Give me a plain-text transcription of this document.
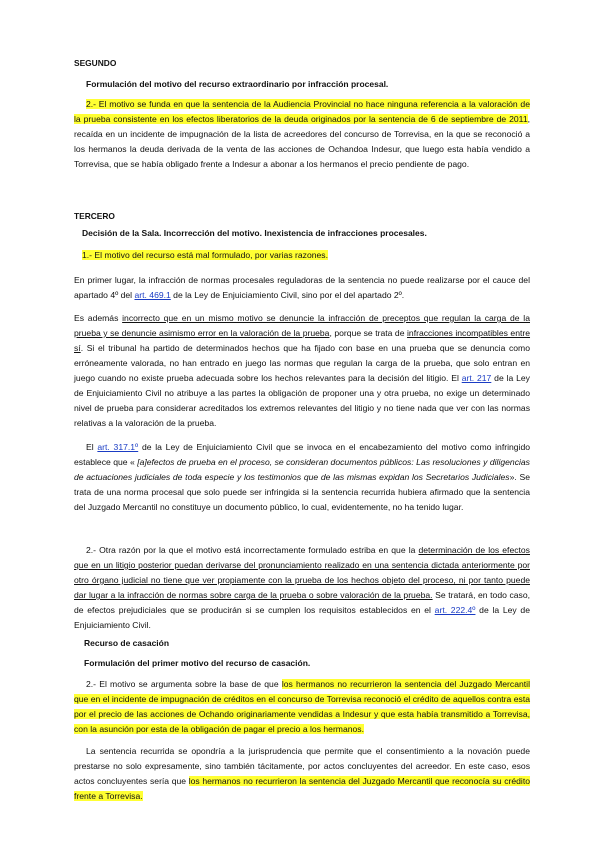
SEGUNDO
Formulación del motivo del recurso extraordinario por infracción procesal.
2.- El motivo se funda en que la sentencia de la Audiencia Provincial no hace ninguna referencia a la valoración de la prueba consistente en los efectos liberatorios de la deuda originados por la sentencia de 6 de septiembre de 2011, recaída en un incidente de impugnación de la lista de acreedores del concurso de Torrevisa, en la que se reconoció a los hermanos la deuda derivada de la venta de las acciones de Ochandoa Indesur, que luego esta había vendido a Torrevisa, que se había obligado frente a Indesur a abonar a los hermanos el precio pendiente de pago.
TERCERO
Decisión de la Sala. Incorrección del motivo. Inexistencia de infracciones procesales.
1.- El motivo del recurso está mal formulado, por varias razones.
En primer lugar, la infracción de normas procesales reguladoras de la sentencia no puede realizarse por el cauce del apartado 4º del art. 469.1 de la Ley de Enjuiciamiento Civil, sino por el del apartado 2º.
Es además incorrecto que en un mismo motivo se denuncie la infracción de preceptos que regulan la carga de la prueba y se denuncie asimismo error en la valoración de la prueba, porque se trata de infracciones incompatibles entre sí. Si el tribunal ha partido de determinados hechos que ha fijado con base en una prueba que se denuncia como erróneamente valorada, no han entrado en juego las normas que regulan la carga de la prueba, que solo entran en juego cuando no existe prueba adecuada sobre los hechos relevantes para la decisión del litigio. El art. 217 de la Ley de Enjuiciamiento Civil no atribuye a las partes la obligación de proponer una y otra prueba, no exige un determinado nivel de prueba para considerar acreditados los extremos relevantes del litigio y no tiene nada que ver con las normas relativas a la valoración de la prueba.
El art. 317.1º de la Ley de Enjuiciamiento Civil que se invoca en el encabezamiento del motivo como infringido establece que « [a]efectos de prueba en el proceso, se consideran documentos públicos: Las resoluciones y diligencias de actuaciones judiciales de toda especie y los testimonios que de las mismas expidan los Secretarios Judiciales». Se trata de una norma procesal que solo puede ser infringida si la sentencia recurrida hubiera afirmado que la sentencia del Juzgado Mercantil no constituye un documento público, lo cual, evidentemente, no ha tenido lugar.
2.- Otra razón por la que el motivo está incorrectamente formulado estriba en que la determinación de los efectos que en un litigio posterior puedan derivarse del pronunciamiento realizado en una sentencia dictada anteriormente por otro órgano judicial no tiene que ver propiamente con la prueba de los hechos objeto del proceso, ni por tanto puede dar lugar a la infracción de normas sobre carga de la prueba o sobre valoración de la prueba. Se tratará, en todo caso, de efectos prejudiciales que se producirán si se cumplen los requisitos establecidos en el art. 222.4º de la Ley de Enjuiciamiento Civil.
Recurso de casación
Formulación del primer motivo del recurso de casación.
2.- El motivo se argumenta sobre la base de que los hermanos no recurrieron la sentencia del Juzgado Mercantil que en el incidente de impugnación de créditos en el concurso de Torrevisa reconoció el crédito de aquellos contra esta por el precio de las acciones de Ochando originariamente vendidas a Indesur y que esta había transmitido a Torrevisa, con la asunción por esta de la obligación de pagar el precio a los hermanos.
La sentencia recurrida se opondría a la jurisprudencia que permite que el consentimiento a la novación puede prestarse no solo expresamente, sino también tácitamente, por actos concluyentes del acreedor. En este caso, esos actos concluyentes sería que los hermanos no recurrieron la sentencia del Juzgado Mercantil que reconocía su crédito frente a Torrevisa.
